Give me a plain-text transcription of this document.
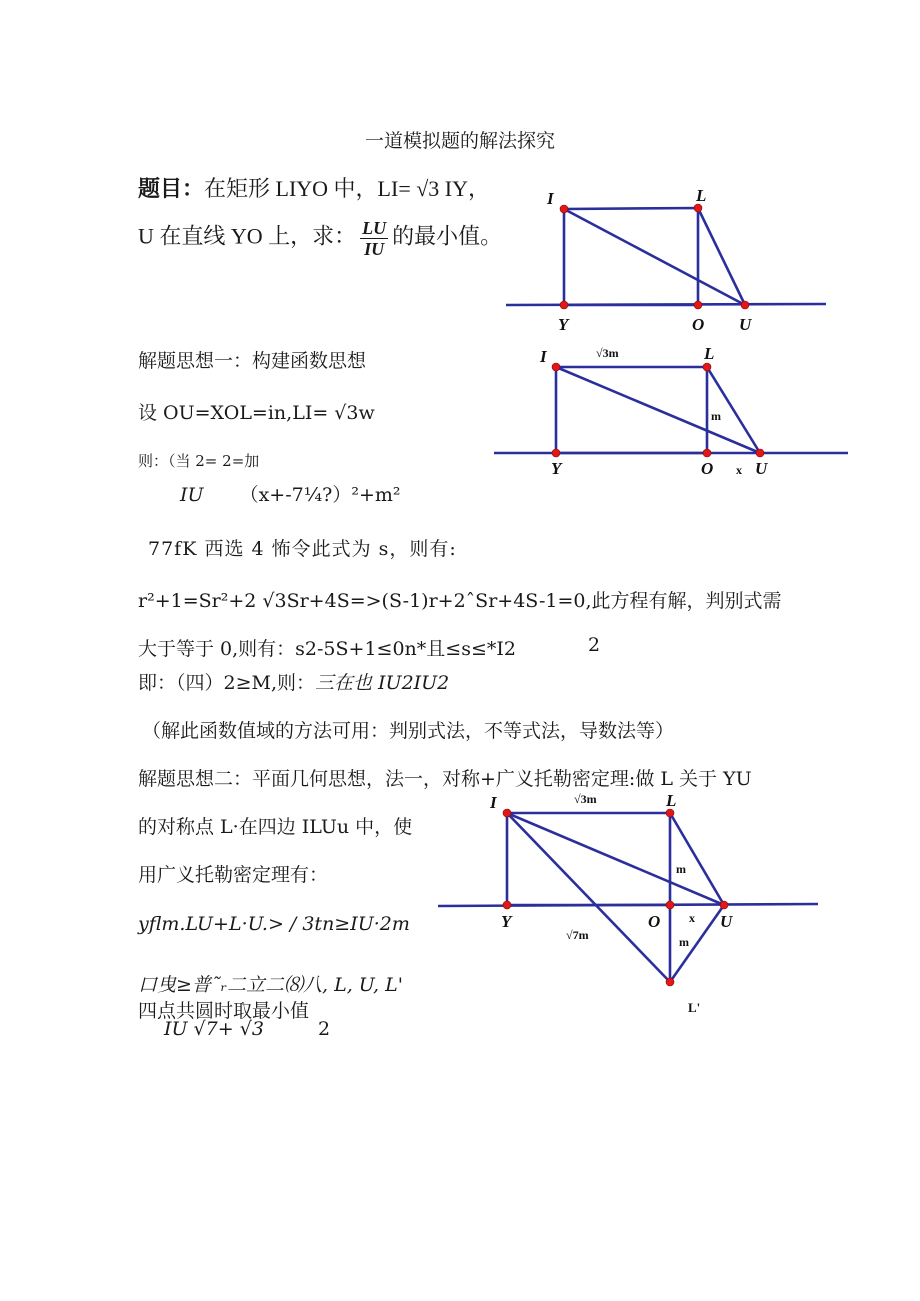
一道模拟题的解法探究
题目：在矩形 LIYO 中，LI= √3 IY，
U 在直线 YO 上，求： $\frac{LU}{IU}$ 的最小值。
解题思想一：构建函数思想
设 OU=XOL=in,LI= √3w
则：（当 2= 2=加
IU （x+-7¼?）²+m²
77fK 西选 4 怖令此式为 s，则有:
r²+1=Sr²+2 √3Sr+4S=>(S-1)r+2ˆSr+4S-1=0,此方程有解，判别式需
大于等于 0,则有：s2-5S+1≤0n*且≤s≤*I2	2
即：（四）2≥M,则：三在也 IU2IU2
（解此函数值域的方法可用：判别式法，不等式法，导数法等）
解题思想二：平面几何思想，法一，对称+广义托勒密定理:做 L 关于 YU
的对称点 L·在四边 ILUu 中，使
用广义托勒密定理有：
yflm.LU+L·U.> / 3tn≥IU·2m
口曳≥普˜ᵣ二立二⑻八, L, U, L'
四点共圆时取最小值
IU √7+ √3	2
I	L
Y	O U
I	L
Y	O U
√3m
m
x
I	L
Y	O	U
L'
√3m
m
x
m
√7m
